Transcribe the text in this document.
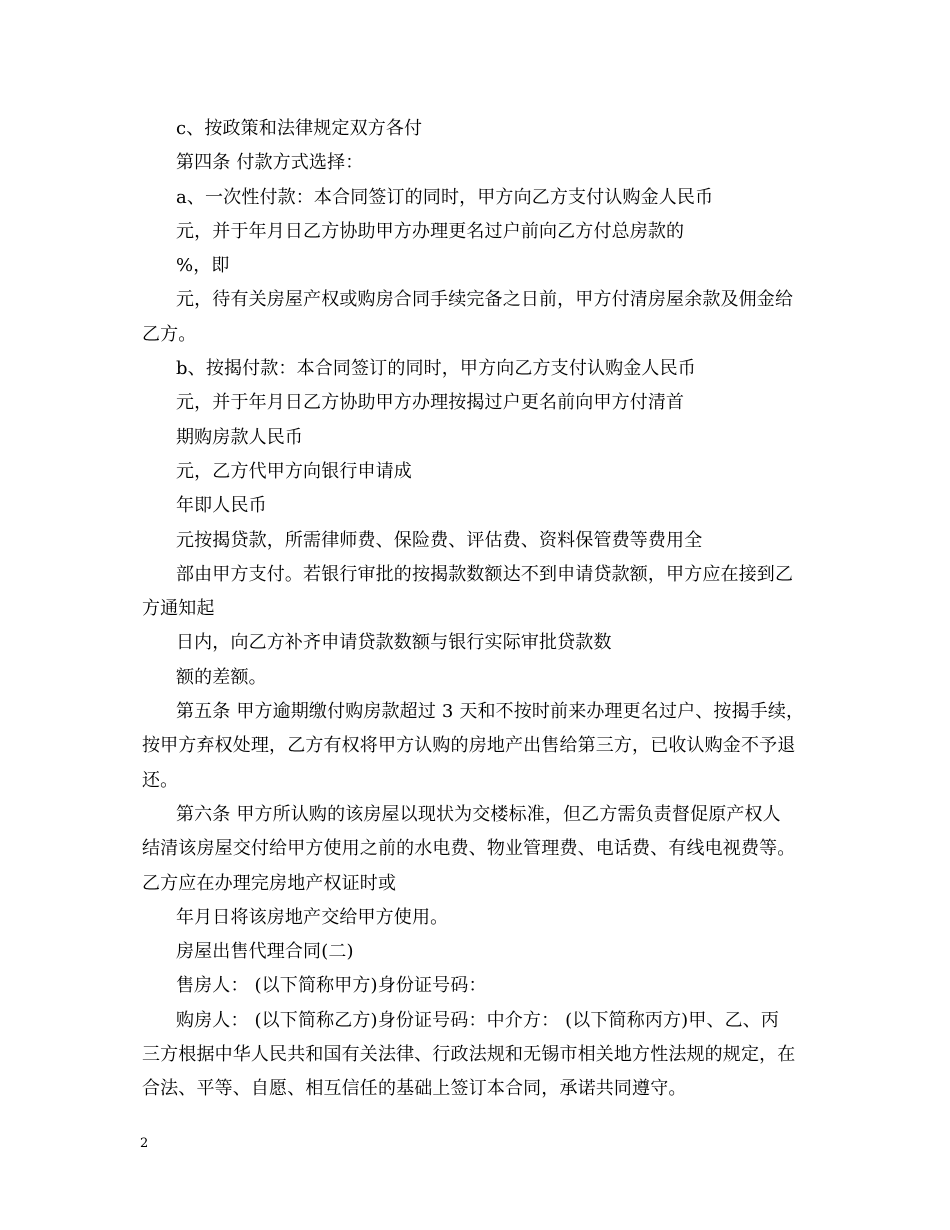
c、按政策和法律规定双方各付
第四条 付款方式选择：
a、一次性付款：本合同签订的同时，甲方向乙方支付认购金人民币
元，并于年月日乙方协助甲方办理更名过户前向乙方付总房款的
%，即
元，待有关房屋产权或购房合同手续完备之日前，甲方付清房屋余款及佣金给
乙方。
b、按揭付款：本合同签订的同时，甲方向乙方支付认购金人民币
元，并于年月日乙方协助甲方办理按揭过户更名前向甲方付清首
期购房款人民币
元，乙方代甲方向银行申请成
年即人民币
元按揭贷款，所需律师费、保险费、评估费、资料保管费等费用全
部由甲方支付。若银行审批的按揭款数额达不到申请贷款额，甲方应在接到乙
方通知起
日内，向乙方补齐申请贷款数额与银行实际审批贷款数
额的差额。
第五条 甲方逾期缴付购房款超过 3 天和不按时前来办理更名过户、按揭手续，
按甲方弃权处理，乙方有权将甲方认购的房地产出售给第三方，已收认购金不予退
还。
第六条 甲方所认购的该房屋以现状为交楼标准，但乙方需负责督促原产权人
结清该房屋交付给甲方使用之前的水电费、物业管理费、电话费、有线电视费等。
乙方应在办理完房地产权证时或
年月日将该房地产交给甲方使用。
房屋出售代理合同(二)
售房人： (以下简称甲方)身份证号码：
购房人： (以下简称乙方)身份证号码：中介方： (以下简称丙方)甲、乙、丙
三方根据中华人民共和国有关法律、行政法规和无锡市相关地方性法规的规定，在
合法、平等、自愿、相互信任的基础上签订本合同，承诺共同遵守。
2
